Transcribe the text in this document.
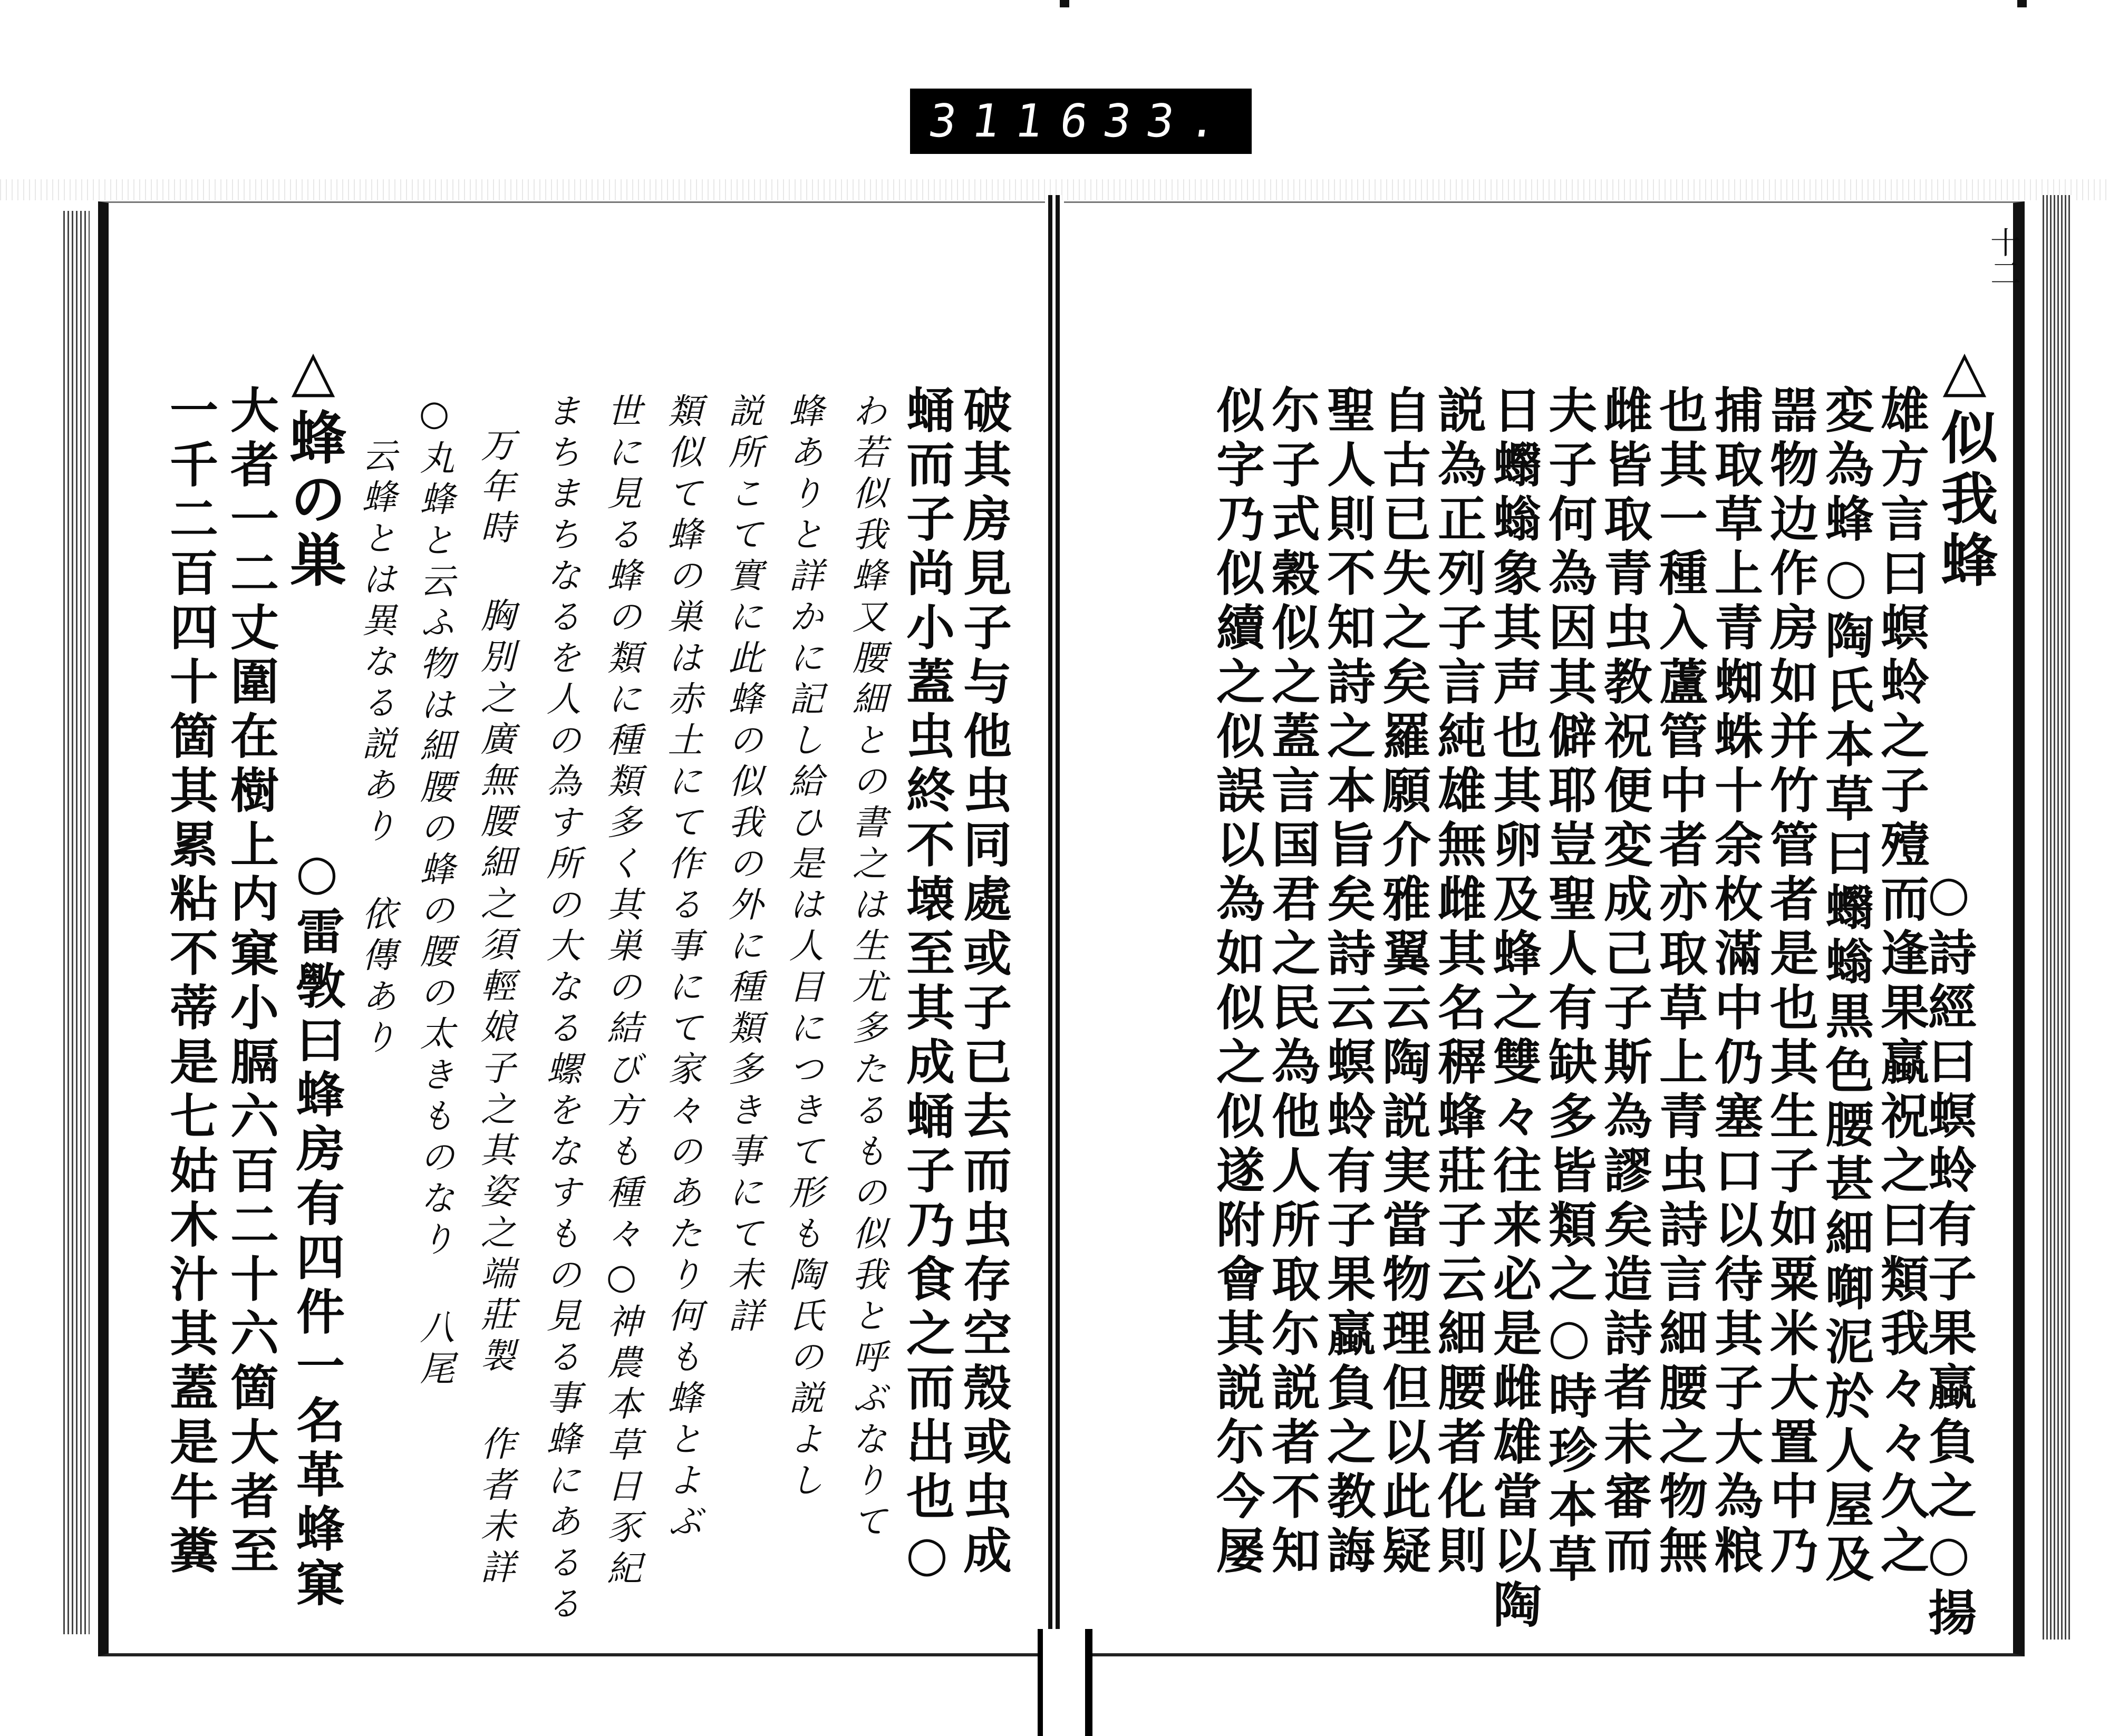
311
633.
十二
○詩經曰螟蛉有子果蠃負之○揚
△似我蜂
雄方言曰螟蛉之子殪而逢果蠃祝之曰類我々々久之
変為蜂○陶氏本草曰蠮螉黒色腰甚細啣泥於人屋及
噐物边作房如并竹管者是也其生子如粟米大置中乃
捕取草上青蜘蛛十余枚滿中仍塞口以待其子大為粮
也其一種入蘆管中者亦取草上青虫詩言細腰之物無
雌皆取青虫教祝便変成己子斯為謬矣造詩者未審而
夫子何為因其僻耶豈聖人有缺多皆類之○時珍本草
日蠮螉象其声也其卵及蜂之雙々往来必是雌雄當以陶
説為正列子言純雄無雌其名稺蜂莊子云細腰者化則
自古已失之矣羅願介雅翼云陶説実當物理但以此疑
聖人則不知詩之本旨矣詩云螟蛉有子果蠃負之教誨
尓子式穀似之蓋言国君之民為他人所取尓説者不知
似字乃似續之似誤以為如似之似遂附會其説尓今屡
破其房見子与他虫同處或子已去而虫存空殼或虫成
蛹而子尚小蓋虫終不壊至其成蛹子乃食之而出也○
わ若似我蜂又腰細との書之は生尤多たるもの似我と呼ぶなりて
蜂ありと詳かに記し給ひ是は人目につきて形も陶氏の説よし
説所こて實に此蜂の似我の外に種類多き事にて未詳
類似て蜂の巣は赤土にて作る事にて家々のあたり何も蜂とよぶ
世に見る蜂の類に種類多く其巣の結び方も種々○神農本草日豕紀
まちまちなるを人の為す所の大なる螺をなすもの見る事蜂にあるる
万年時 胸別之廣無腰細之須輕娘子之其姿之端莊製 作者未詳
○丸蜂と云ふ物は細腰の蜂の腰の太きものなり 八尾
云蜂とは異なる説あり 依傳あり
○雷斆曰蜂房有四件一名革蜂窠
△蜂の巣
大者一二丈圍在樹上内窠小膈六百二十六箇大者至
一千二百四十箇其累粘不蒂是七姑木汁其蓋是牛糞
